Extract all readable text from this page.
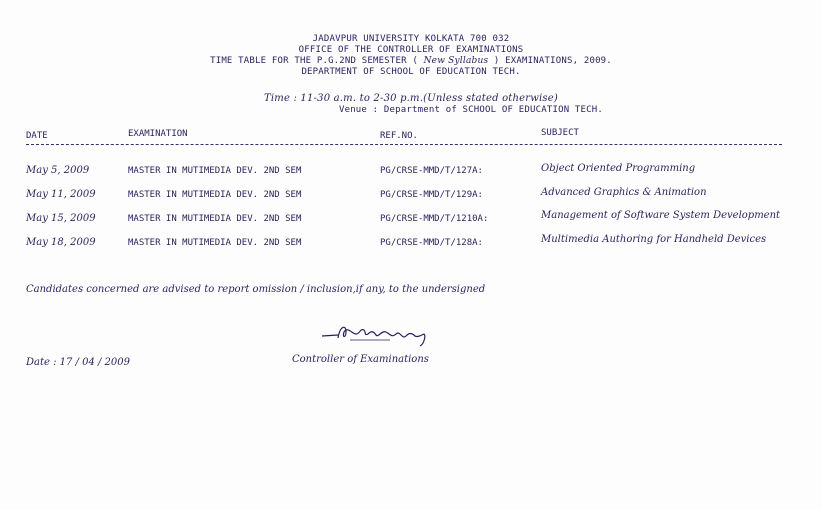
JADAVPUR UNIVERSITY KOLKATA 700 032
OFFICE OF THE CONTROLLER OF EXAMINATIONS
TIME TABLE FOR THE P.G.2ND SEMESTER ( New Syllabus ) EXAMINATIONS, 2009.
DEPARTMENT OF SCHOOL OF EDUCATION TECH.
Time : 11-30 a.m. to 2-30 p.m.(Unless stated otherwise)
Venue : Department of SCHOOL OF EDUCATION TECH.
DATE	EXAMINATION	REF.NO.	SUBJECT
May 5, 2009	MASTER IN MUTIMEDIA DEV. 2ND SEM	PG/CRSE-MMD/T/127A:	Object Oriented Programming
May 11, 2009	MASTER IN MUTIMEDIA DEV. 2ND SEM	PG/CRSE-MMD/T/129A:	Advanced Graphics & Animation
May 15, 2009	MASTER IN MUTIMEDIA DEV. 2ND SEM	PG/CRSE-MMD/T/1210A:	Management of Software System Development
May 18, 2009	MASTER IN MUTIMEDIA DEV. 2ND SEM	PG/CRSE-MMD/T/128A:	Multimedia Authoring for Handheld Devices
Candidates concerned are advised to report omission / inclusion,if any, to the undersigned
Date : 17 / 04 / 2009	Controller of Examinations
